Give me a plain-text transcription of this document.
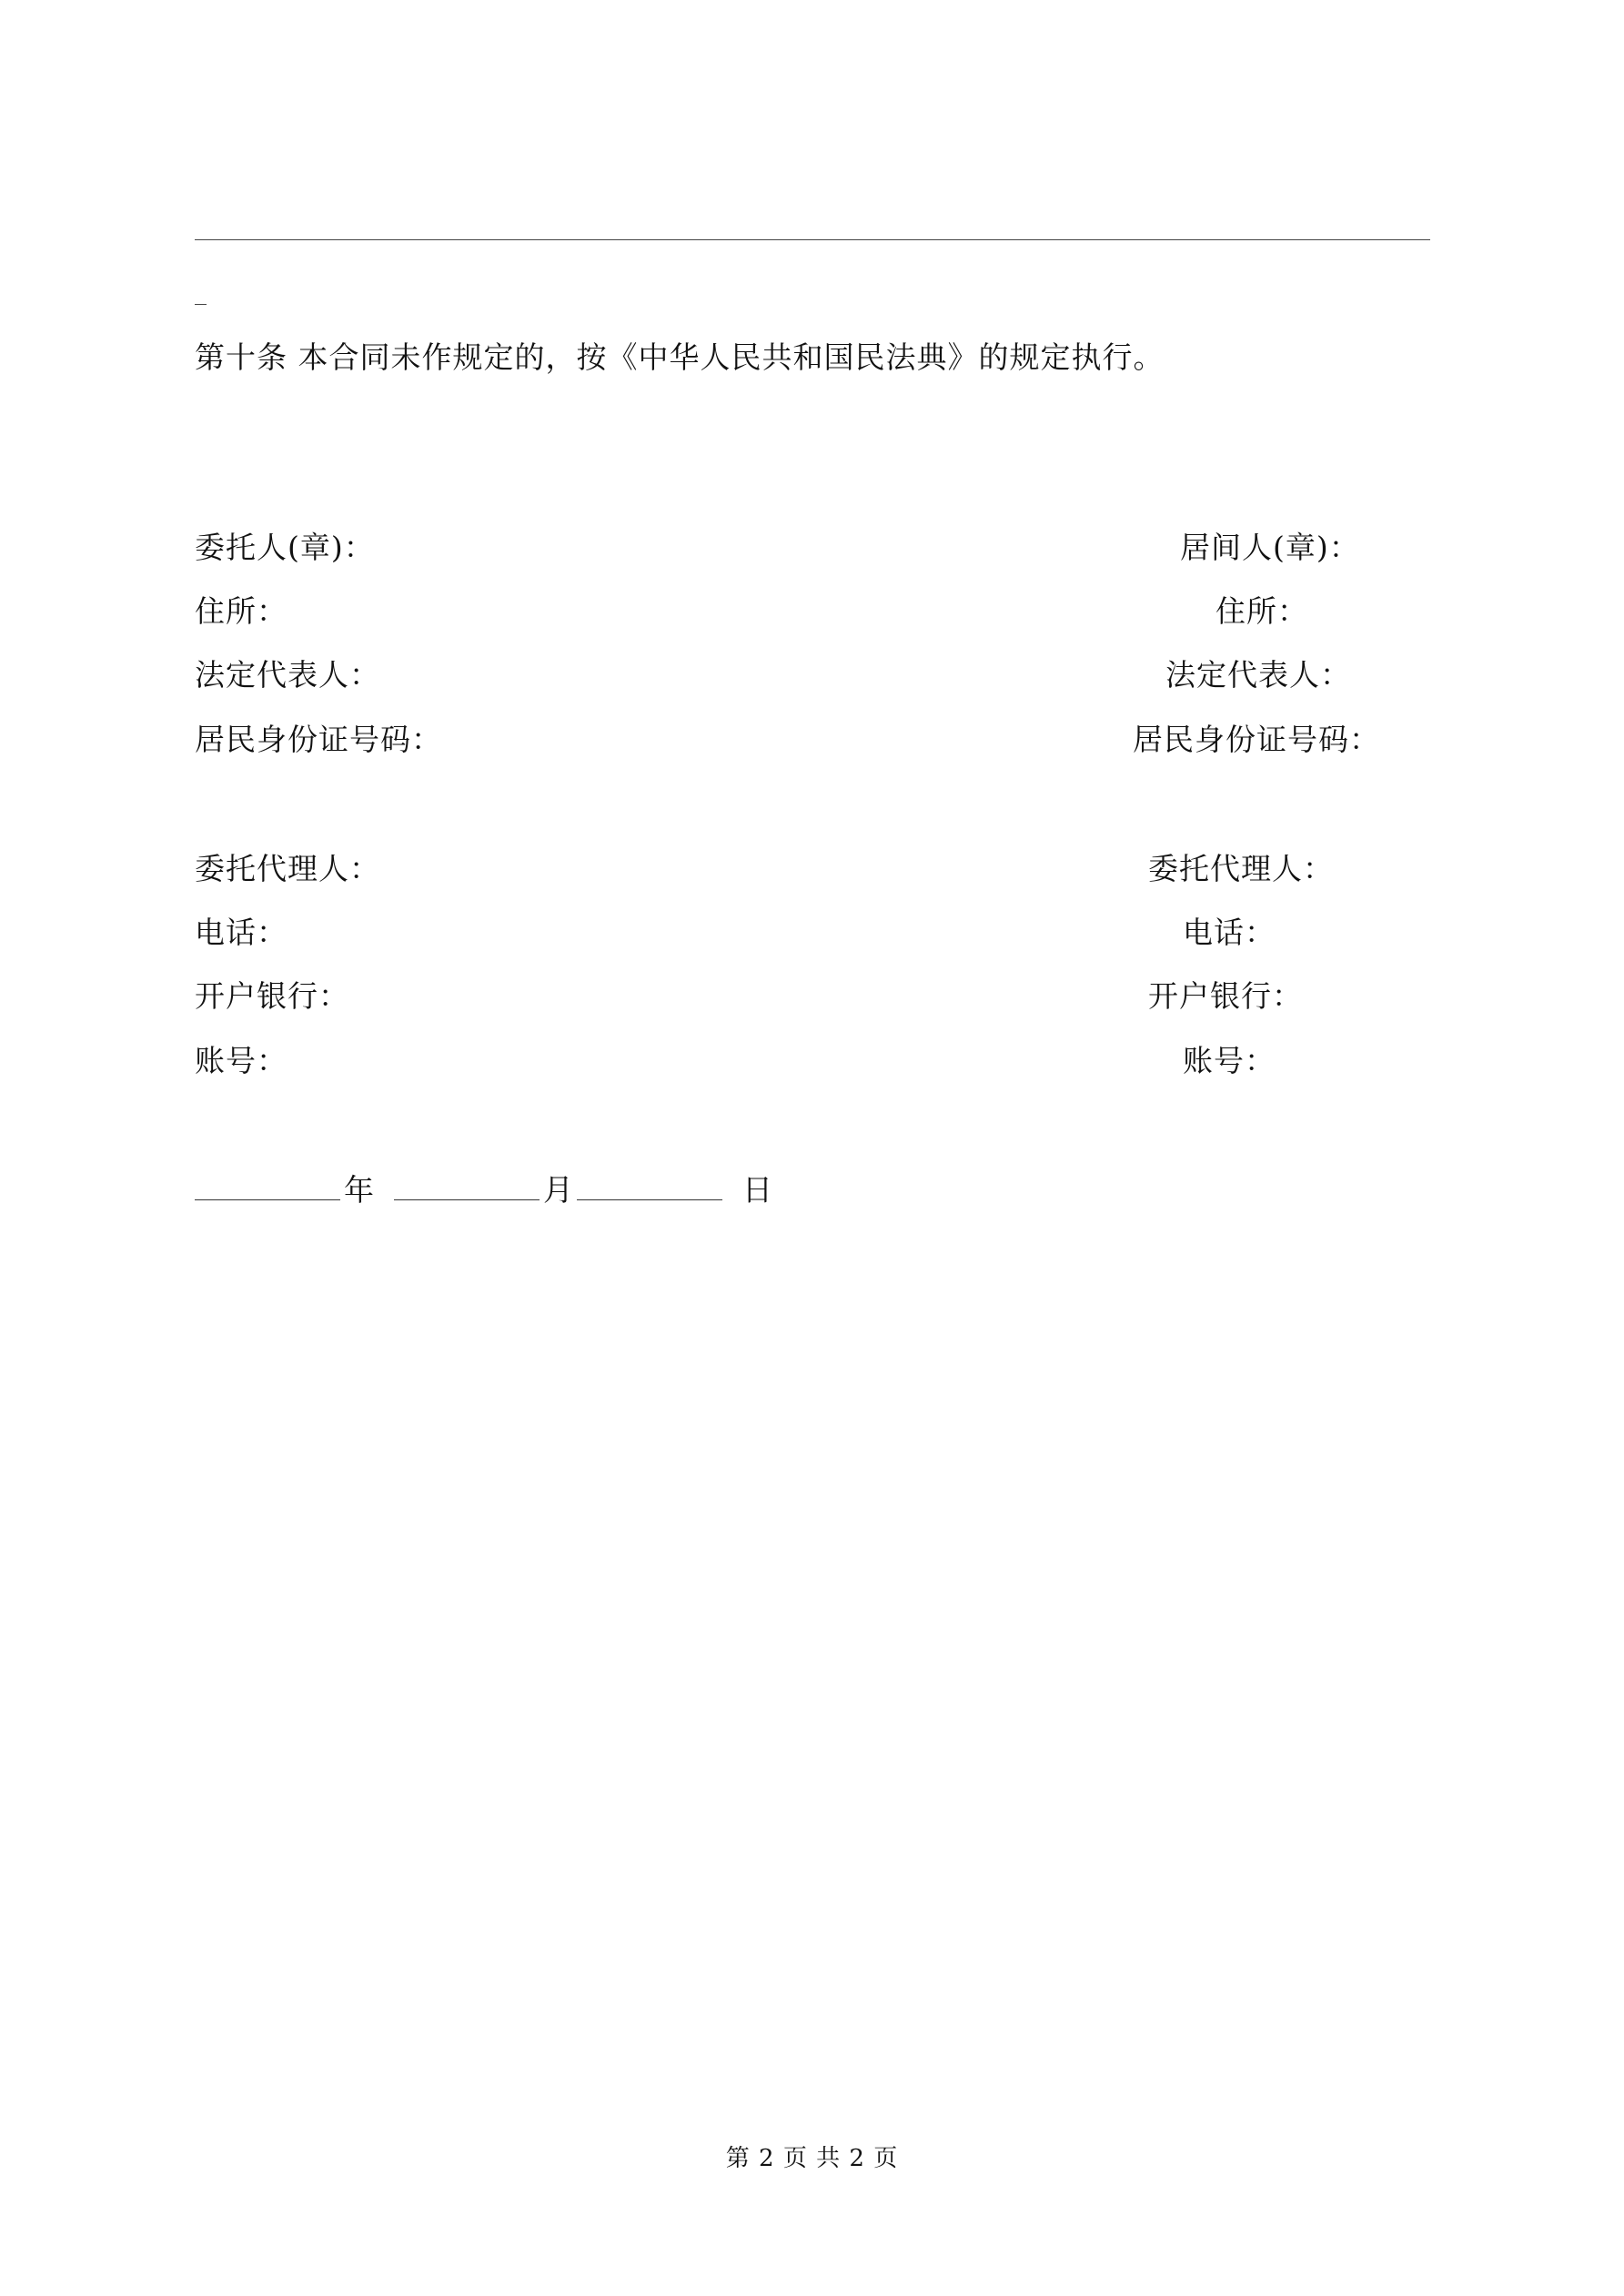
第十条 本合同未作规定的，按《中华人民共和国民法典》的规定执行。
委托人(章)：
住所：
法定代表人：
居民身份证号码：
委托代理人：
电话：
开户银行：
账号：
居间人(章)：
住所：
法定代表人：
居民身份证号码：
委托代理人：
电话：
开户银行：
账号：
年	月	日
第 2 页 共 2 页
